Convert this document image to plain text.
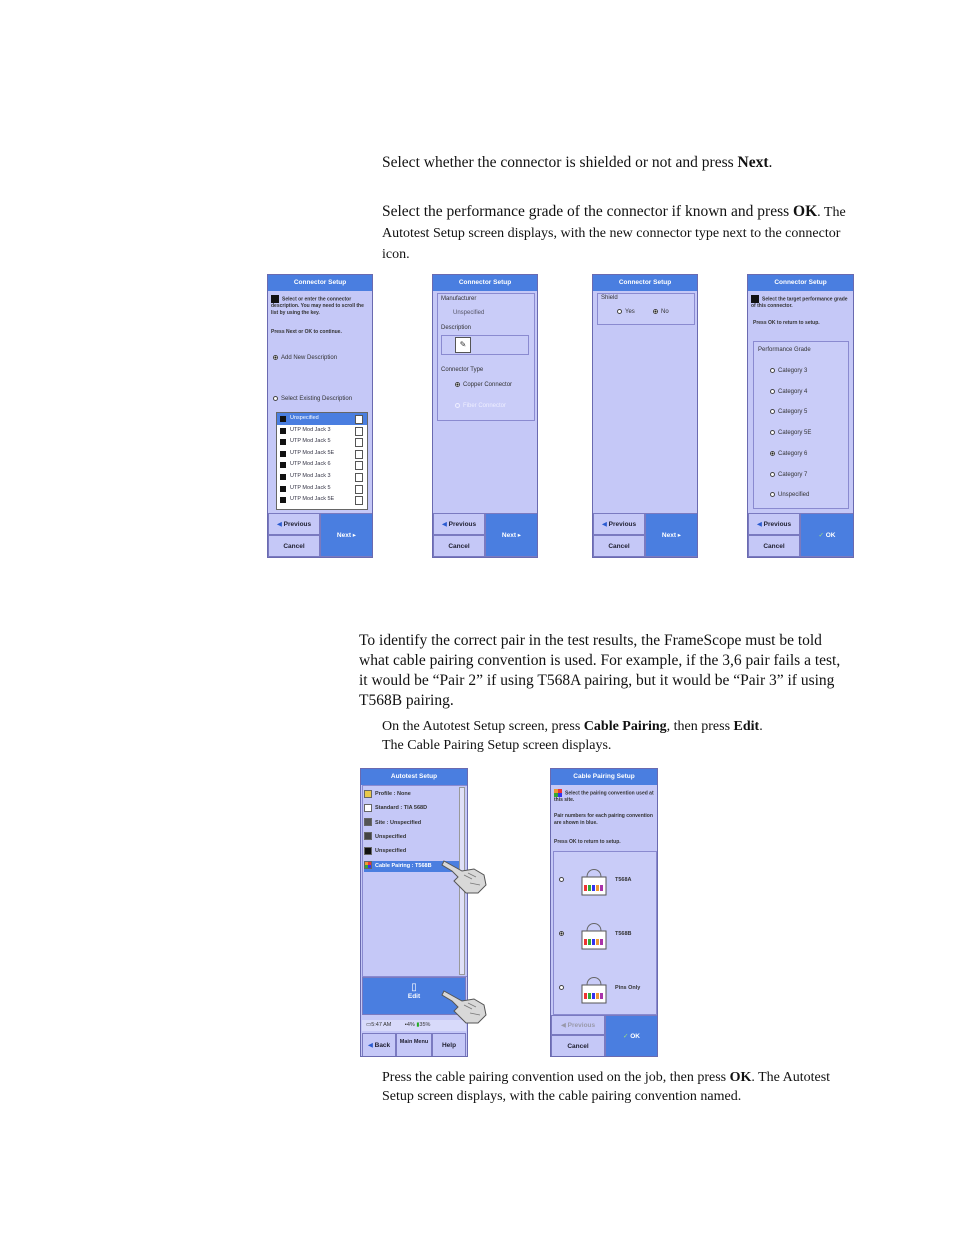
Select whether the connector is shielded or not and press Next.
Select the performance grade of the connector if known and press OK. The Autotest Setup screen displays, with the new connector type next to the connector icon.
Connector Setup
Select or enter the connector description. You may need to scroll the list by using the key.
Press Next or OK to continue.
Add New Description
Select Existing Description
Unspecified
UTP Mod Jack 3
UTP Mod Jack 5
UTP Mod Jack 5E
UTP Mod Jack 6
UTP Mod Jack 3
UTP Mod Jack 5
UTP Mod Jack 5E
◀ Previous
Next ▸
Cancel
Connector Setup
Manufacturer
Unspecified
Description
✎
Connector Type
Copper Connector
Fiber Connector
◀ Previous
Next ▸
Cancel
Connector Setup
Shield
Yes	No
◀ Previous
Next ▸
Cancel
Connector Setup
Select the target performance grade of this connector.
Press OK to return to setup.
Performance Grade
Category 3
Category 4
Category 5
Category 5E
Category 6
Category 7
Unspecified
◀ Previous
✓ OK
Cancel
To identify the correct pair in the test results, the FrameScope must be told what cable pairing convention is used. For example, if the 3,6 pair fails a test, it would be “Pair 2” if using T568A pairing, but it would be “Pair 3” if using T568B pairing.
On the Autotest Setup screen, press Cable Pairing, then press Edit.
The Cable Pairing Setup screen displays.
Autotest Setup
Profile : None
Standard : TIA 568D
Site : Unspecified
Unspecified
Unspecified
Cable Pairing : T568B
▯
Edit
▭5:47 AM ▪4% ▮35%
◀ Back	Main Menu	Help
Cable Pairing Setup
Select the pairing convention used at this site.
Pair numbers for each pairing convention are shown in blue.
Press OK to return to setup.
T568A
T568B
Pins Only
◀ Previous
✓ OK
Cancel
Press the cable pairing convention used on the job, then press OK. The Autotest Setup screen displays, with the cable pairing convention named.
